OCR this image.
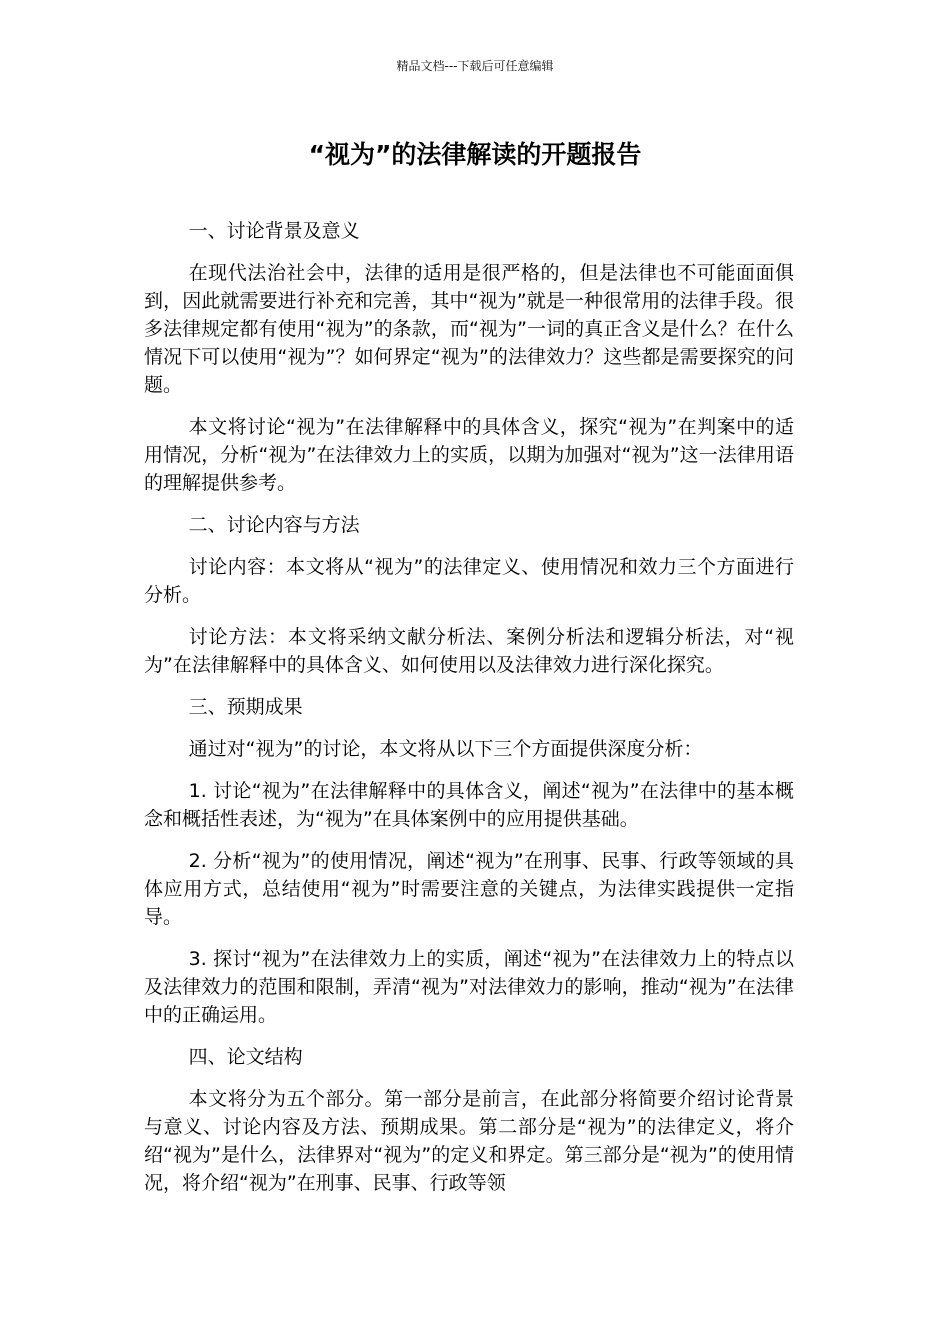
精品文档---下载后可任意编辑
“视为”的法律解读的开题报告

一、讨论背景及意义

在现代法治社会中，法律的适用是很严格的，但是法律也不可能面面俱到，因此就需要进行补充和完善，其中“视为”就是一种很常用的法律手段。很多法律规定都有使用“视为”的条款，而“视为”一词的真正含义是什么？在什么情况下可以使用“视为”？如何界定“视为”的法律效力？这些都是需要探究的问题。

本文将讨论“视为”在法律解释中的具体含义，探究“视为”在判案中的适用情况，分析“视为”在法律效力上的实质，以期为加强对“视为”这一法律用语的理解提供参考。

二、讨论内容与方法

讨论内容：本文将从“视为”的法律定义、使用情况和效力三个方面进行分析。

讨论方法：本文将采纳文献分析法、案例分析法和逻辑分析法，对“视为”在法律解释中的具体含义、如何使用以及法律效力进行深化探究。

三、预期成果

通过对“视为”的讨论，本文将从以下三个方面提供深度分析：

1. 讨论“视为”在法律解释中的具体含义，阐述“视为”在法律中的基本概念和概括性表述，为“视为”在具体案例中的应用提供基础。

2. 分析“视为”的使用情况，阐述“视为”在刑事、民事、行政等领域的具体应用方式，总结使用“视为”时需要注意的关键点，为法律实践提供一定指导。

3. 探讨“视为”在法律效力上的实质，阐述“视为”在法律效力上的特点以及法律效力的范围和限制，弄清“视为”对法律效力的影响，推动“视为”在法律中的正确运用。

四、论文结构

本文将分为五个部分。第一部分是前言，在此部分将简要介绍讨论背景与意义、讨论内容及方法、预期成果。第二部分是“视为”的法律定义，将介绍“视为”是什么，法律界对“视为”的定义和界定。第三部分是“视为”的使用情况，将介绍“视为”在刑事、民事、行政等领
